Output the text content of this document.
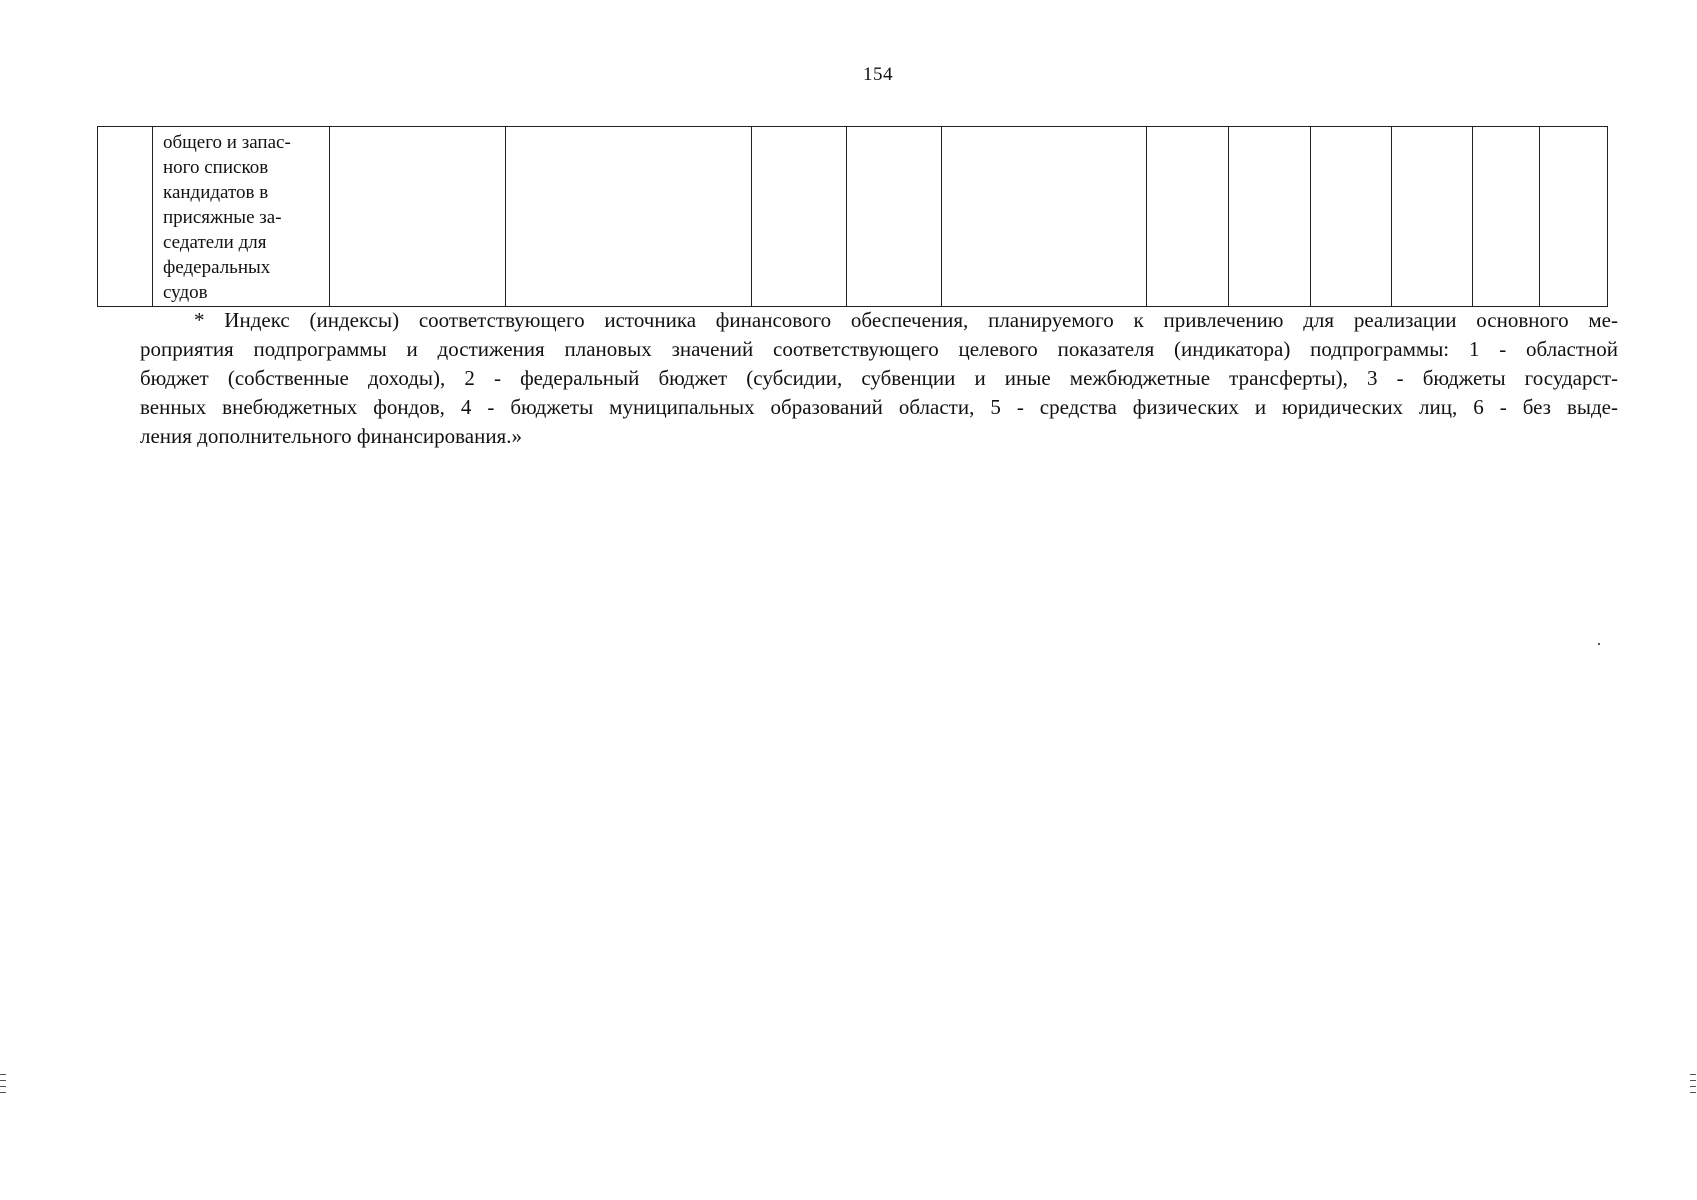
154

общего и запас-
ного списков
кандидатов в
присяжные за-
седатели для
федеральных
судов

* Индекс (индексы) соответствующего источника финансового обеспечения, планируемого к привлечению для реализации основного ме-
роприятия подпрограммы и достижения плановых значений соответствующего целевого показателя (индикатора) подпрограммы: 1 - областной
бюджет (собственные доходы), 2 - федеральный бюджет (субсидии, субвенции и иные межбюджетные трансферты), 3 - бюджеты государст-
венных внебюджетных фондов, 4 - бюджеты муниципальных образований области, 5 - средства физических и юридических лиц, 6 - без выде-
ления дополнительного финансирования.»
